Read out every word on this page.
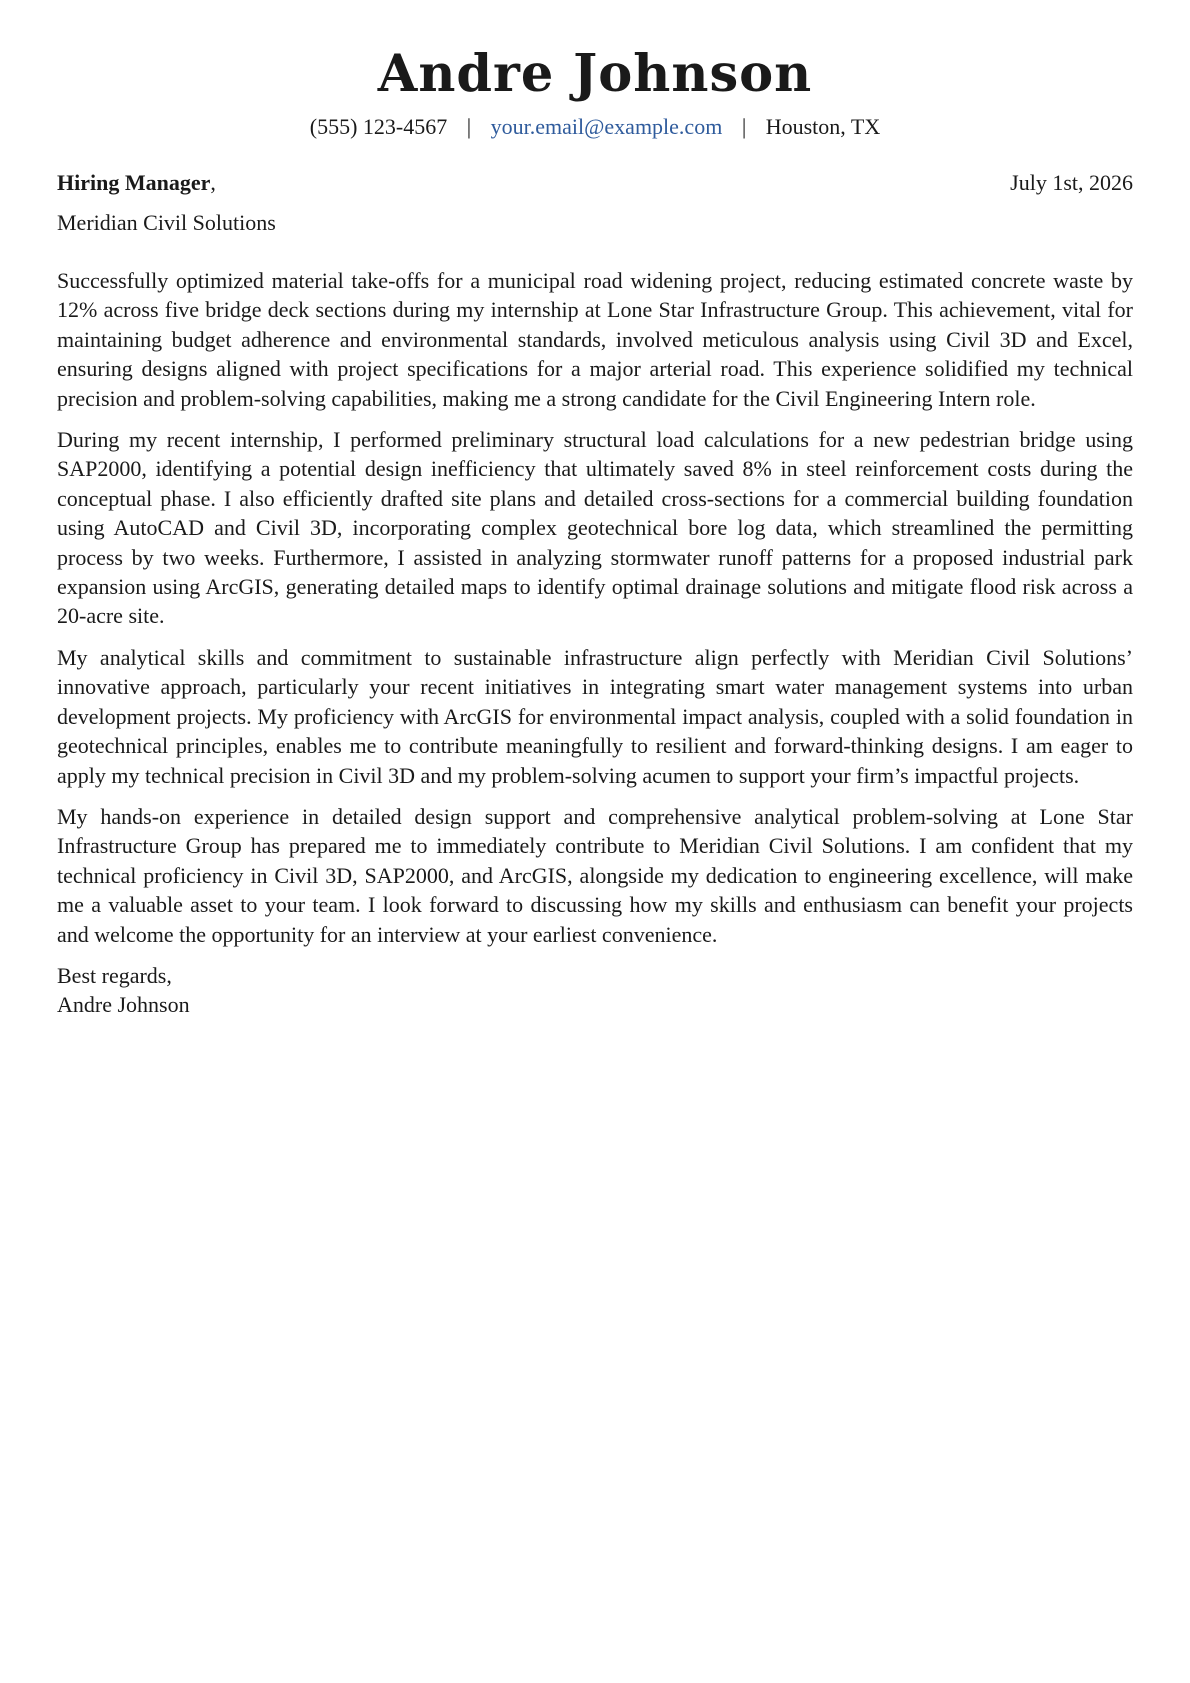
Andre Johnson
(555) 123-4567 | your.email@example.com | Houston, TX
Hiring Manager,	July 1st, 2026
Meridian Civil Solutions

Successfully optimized material take-offs for a municipal road widening project, reducing estimated concrete waste by 12% across five bridge deck sections during my internship at Lone Star Infrastructure Group. This achievement, vital for maintaining budget adherence and environmental standards, involved meticulous analysis using Civil 3D and Excel, ensuring designs aligned with project specifications for a major arterial road. This experience solidified my technical precision and problem-solving capabilities, making me a strong candidate for the Civil Engineering Intern role.

During my recent internship, I performed preliminary structural load calculations for a new pedestrian bridge using SAP2000, identifying a potential design inefficiency that ultimately saved 8% in steel reinforcement costs during the conceptual phase. I also efficiently drafted site plans and detailed cross-sections for a commercial building foundation using AutoCAD and Civil 3D, incorporating complex geotechnical bore log data, which streamlined the permitting process by two weeks. Furthermore, I assisted in analyzing stormwater runoff patterns for a proposed industrial park expansion using ArcGIS, generating detailed maps to identify optimal drainage solutions and mitigate flood risk across a 20-acre site.

My analytical skills and commitment to sustainable infrastructure align perfectly with Meridian Civil Solutions’ innovative approach, particularly your recent initiatives in integrating smart water management systems into urban development projects. My proficiency with ArcGIS for environmental impact analysis, coupled with a solid foundation in geotechnical principles, enables me to contribute meaningfully to resilient and forward-thinking designs. I am eager to apply my technical precision in Civil 3D and my problem-solving acumen to support your firm’s impactful projects.

My hands-on experience in detailed design support and comprehensive analytical problem-solving at Lone Star Infrastructure Group has prepared me to immediately contribute to Meridian Civil Solutions. I am confident that my technical proficiency in Civil 3D, SAP2000, and ArcGIS, alongside my dedication to engineering excellence, will make me a valuable asset to your team. I look forward to discussing how my skills and enthusiasm can benefit your projects and welcome the opportunity for an interview at your earliest convenience.

Best regards,
Andre Johnson
